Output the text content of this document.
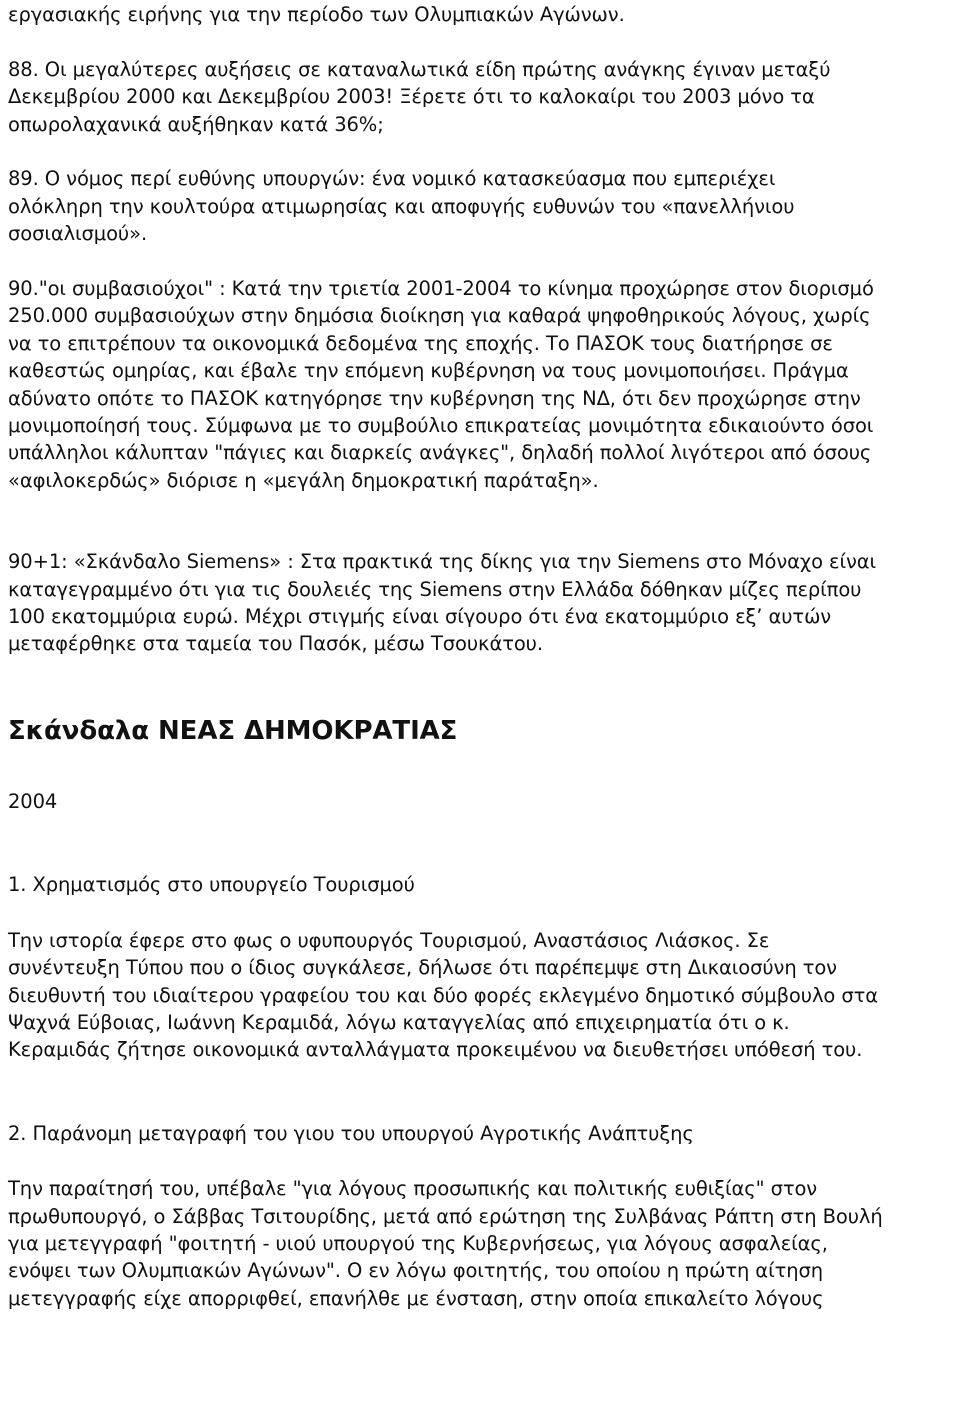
εργασιακής ειρήνης για την περίοδο των Ολυμπιακών Αγώνων.

88. Οι μεγαλύτερες αυξήσεις σε καταναλωτικά είδη πρώτης ανάγκης έγιναν μεταξύ
Δεκεμβρίου 2000 και Δεκεμβρίου 2003! Ξέρετε ότι το καλοκαίρι του 2003 μόνο τα
οπωρολαχανικά αυξήθηκαν κατά 36%;

89. Ο νόμος περί ευθύνης υπουργών: ένα νομικό κατασκεύασμα που εμπεριέχει
ολόκληρη την κουλτούρα ατιμωρησίας και αποφυγής ευθυνών του «πανελλήνιου
σοσιαλισμού».

90."οι συμβασιούχοι" : Κατά την τριετία 2001-2004 το κίνημα προχώρησε στον διορισμό
250.000 συμβασιούχων στην δημόσια διοίκηση για καθαρά ψηφοθηρικούς λόγους, χωρίς
να το επιτρέπουν τα οικονομικά δεδομένα της εποχής. Το ΠΑΣΟΚ τους διατήρησε σε
καθεστώς ομηρίας, και έβαλε την επόμενη κυβέρνηση να τους μονιμοποιήσει. Πράγμα
αδύνατο οπότε το ΠΑΣΟΚ κατηγόρησε την κυβέρνηση της ΝΔ, ότι δεν προχώρησε στην
μονιμοποίησή τους. Σύμφωνα με το συμβούλιο επικρατείας μονιμότητα εδικαιούντο όσοι
υπάλληλοι κάλυπταν "πάγιες και διαρκείς ανάγκες", δηλαδή πολλοί λιγότεροι από όσους
«αφιλοκερδώς» διόρισε η «μεγάλη δημοκρατική παράταξη».

90+1: «Σκάνδαλο Siemens» : Στα πρακτικά της δίκης για την Siemens στο Μόναχο είναι
καταγεγραμμένο ότι για τις δουλειές της Siemens στην Ελλάδα δόθηκαν μίζες περίπου
100 εκατομμύρια ευρώ. Μέχρι στιγμής είναι σίγουρο ότι ένα εκατομμύριο εξ’ αυτών
μεταφέρθηκε στα ταμεία του Πασόκ, μέσω Τσουκάτου.

Σκάνδαλα ΝΕΑΣ ΔΗΜΟΚΡΑΤΙΑΣ

2004

1. Χρηματισμός στο υπουργείο Τουρισμού

Την ιστορία έφερε στο φως ο υφυπουργός Τουρισμού, Αναστάσιος Λιάσκος. Σε
συνέντευξη Τύπου που ο ίδιος συγκάλεσε, δήλωσε ότι παρέπεμψε στη Δικαιοσύνη τον
διευθυντή του ιδιαίτερου γραφείου του και δύο φορές εκλεγμένο δημοτικό σύμβουλο στα
Ψαχνά Εύβοιας, Ιωάννη Κεραμιδά, λόγω καταγγελίας από επιχειρηματία ότι ο κ.
Κεραμιδάς ζήτησε οικονομικά ανταλλάγματα προκειμένου να διευθετήσει υπόθεσή του.

2. Παράνομη μεταγραφή του γιου του υπουργού Αγροτικής Ανάπτυξης

Την παραίτησή του, υπέβαλε "για λόγους προσωπικής και πολιτικής ευθιξίας" στον
πρωθυπουργό, ο Σάββας Τσιτουρίδης, μετά από ερώτηση της Συλβάνας Ράπτη στη Βουλή
για μετεγγραφή "φοιτητή - υιού υπουργού της Κυβερνήσεως, για λόγους ασφαλείας,
ενόψει των Ολυμπιακών Αγώνων". Ο εν λόγω φοιτητής, του οποίου η πρώτη αίτηση
μετεγγραφής είχε απορριφθεί, επανήλθε με ένσταση, στην οποία επικαλείτο λόγους
